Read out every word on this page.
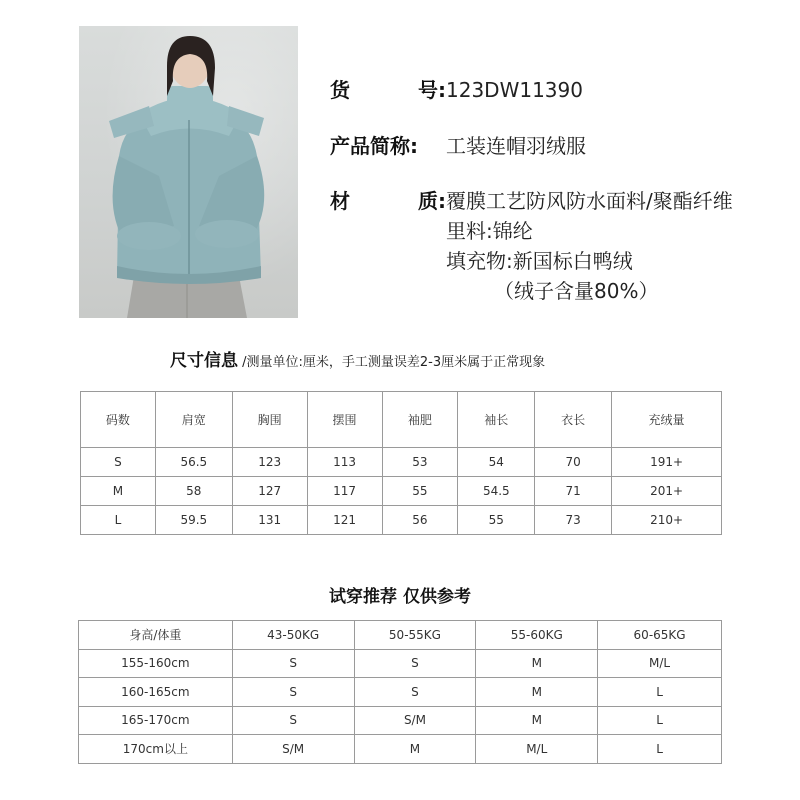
货	号: 123DW11390
产品简称:	工装连帽羽绒服
材	质: 覆膜工艺防风防水面料/聚酯纤维
里料:锦纶
填充物:新国标白鸭绒
（绒子含量80%）
尺寸信息 /测量单位:厘米，手工测量误差2-3厘米属于正常现象
码数	肩宽	胸围	摆围	袖肥	袖长	衣长	充绒量
S	56.5	123	113	53	54	70	191+
M	58	127	117	55	54.5	71	201+
L	59.5	131	121	56	55	73	210+
试穿推荐 仅供参考
身高/体重	43-50KG	50-55KG	55-60KG	60-65KG
155-160cm	S	S	M	M/L
160-165cm	S	S	M	L
165-170cm	S	S/M	M	L
170cm以上	S/M	M	M/L	L
